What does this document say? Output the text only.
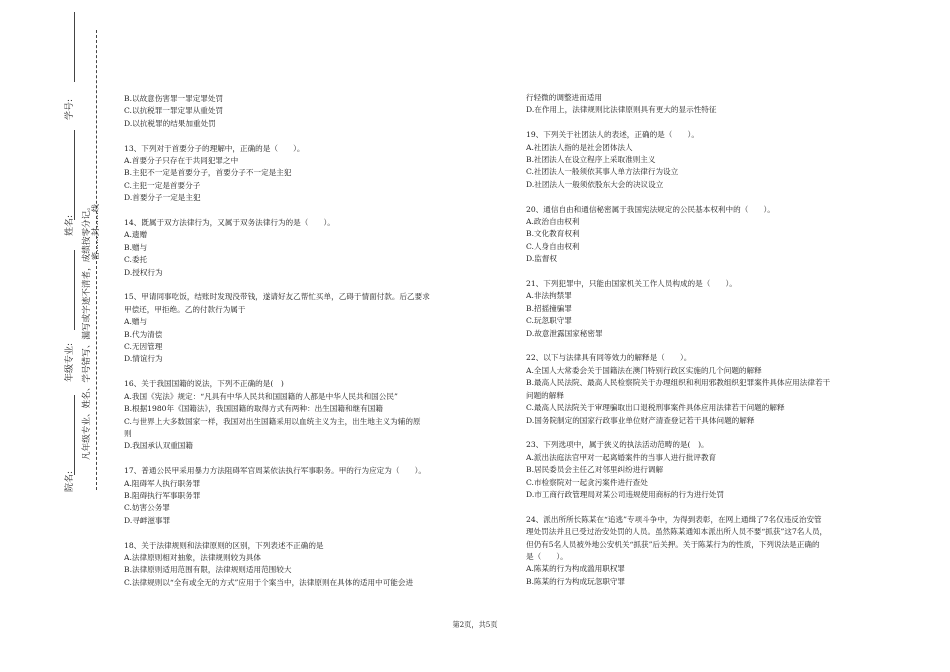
学号:
姓名:
年级专业:
院名:
凡年级专业、姓名、学号错写、漏写或字迹不清者，成绩按零分记。 密……封……线
B.以故意伤害罪一罪定罪处罚
C.以抗税罪一罪定罪从重处罚
D.以抗税罪的结果加重处罚
13、下列对于首要分子的理解中，正确的是（　　）。
A.首要分子只存在于共同犯罪之中
B.主犯不一定是首要分子，首要分子不一定是主犯
C.主犯一定是首要分子
D.首要分子一定是主犯
14、既属于双方法律行为，又属于双务法律行为的是（　　）。
A.遗赠
B.赠与
C.委托
D.授权行为
15、甲请同事吃饭，结账时发现没带钱，遂请好友乙帮忙买单，乙碍于情面付款。后乙要求
甲偿还，甲拒绝。乙的付款行为属于
A.赠与
B.代为清偿
C.无因管理
D.情谊行为
16、关于我国国籍的说法，下列不正确的是(　)
A.我国《宪法》规定：“凡具有中华人民共和国国籍的人都是中华人民共和国公民”
B.根据1980年《国籍法》，我国国籍的取得方式有两种：出生国籍和继有国籍
C.与世界上大多数国家一样，我国对出生国籍采用以血统主义为主，出生地主义为辅的原
则
D.我国承认双重国籍
17、普通公民甲采用暴力方法阻碍军官周某依法执行军事职务。甲的行为应定为（　　）。
A.阻碍军人执行职务罪
B.阻碍执行军事职务罪
C.妨害公务罪
D.寻衅滋事罪
18、关于法律规则和法律原则的区别，下列表述不正确的是
A.法律原则相对抽象，法律规则较为具体
B.法律原则适用范围有限，法律规则适用范围较大
C.法律规则以“全有或全无的方式”应用于个案当中，法律原则在具体的适用中可能会进
行轻微的调整进而适用
D.在作用上，法律规则比法律原则具有更大的显示性特征
19、下列关于社团法人的表述，正确的是（　　）。
A.社团法人指的是社会团体法人
B.社团法人在设立程序上采取准则主义
C.社团法人一般须依其事人单方法律行为设立
D.社团法人一般须依股东大会的决议设立
20、通信自由和通信秘密属于我国宪法规定的公民基本权利中的（　　）。
A.政治自由权利
B.文化教育权利
C.人身自由权利
D.监督权
21、下列犯罪中，只能由国家机关工作人员构成的是（　　）。
A.非法拘禁罪
B.招摇撞骗罪
C.玩忽职守罪
D.故意泄露国家秘密罪
22、以下与法律具有同等效力的解释是（　　）。
A.全国人大常委会关于国籍法在澳门特别行政区实施的几个问题的解释
B.最高人民法院、最高人民检察院关于办理组织和利用邪教组织犯罪案件具体应用法律若干
问题的解释
C.最高人民法院关于审理骗取出口退税刑事案件具体应用法律若干问题的解释
D.国务院制定的国家行政事业单位财产清查登记若干具体问题的解释
23、下列选项中，属于狭义的执法活动范畴的是(　)。
A.派出法庭法官甲对一起离婚案件的当事人进行批评教育
B.居民委员会主任乙对邻里纠纷进行调解
C.市检察院对一起贪污案件进行查处
D.市工商行政管理局对某公司违规使用商标的行为进行处罚
24、派出所所长陈某在“追逃”专项斗争中，为得到表彰，在网上通缉了7名仅违反治安管
理处罚法并且已受过治安处罚的人员。虽然陈某通知本派出所人员不要“抓获”这7名人员，
但仍有5名人员被外地公安机关“抓获”后关押。关于陈某行为的性质，下列说法是正确的
是（　　）。
A.陈某的行为构成滥用职权罪
B.陈某的行为构成玩忽职守罪
第2页，共5页
